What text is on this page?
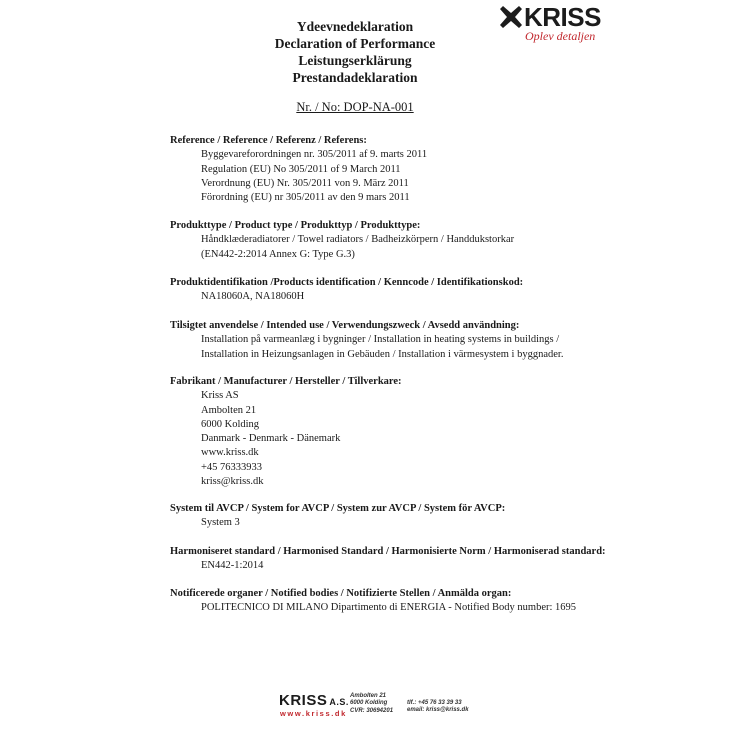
KRISS
Oplev detaljen
Ydeevnedeklaration
Declaration of Performance
Leistungserklärung
Prestandadeklaration
Nr. / No: DOP-NA-001
Reference / Reference / Referenz / Referens:
Byggevareforordningen nr. 305/2011 af 9. marts 2011
Regulation (EU) No 305/2011 of 9 March 2011
Verordnung (EU) Nr. 305/2011 von 9. März 2011
Förordning (EU) nr 305/2011 av den 9 mars 2011
Produkttype / Product type / Produkttyp / Produkttype:
Håndklæderadiatorer / Towel radiators / Badheizkörpern / Handdukstorkar
(EN442-2:2014 Annex G: Type G.3)
Produktidentifikation /Products identification / Kenncode / Identifikationskod:
NA18060A, NA18060H
Tilsigtet anvendelse / Intended use / Verwendungszweck / Avsedd användning:
Installation på varmeanlæg i bygninger / Installation in heating systems in buildings /
Installation in Heizungsanlagen in Gebäuden / Installation i värmesystem i byggnader.
Fabrikant / Manufacturer / Hersteller / Tillverkare:
Kriss AS
Ambolten 21
6000 Kolding
Danmark - Denmark - Dänemark
www.kriss.dk
+45 76333933
kriss@kriss.dk
System til AVCP / System for AVCP / System zur AVCP / System för AVCP:
System 3
Harmoniseret standard / Harmonised Standard / Harmonisierte Norm / Harmoniserad standard:
EN442-1:2014
Notificerede organer / Notified bodies / Notifizierte Stellen / Anmälda organ:
POLITECNICO DI MILANO Dipartimento di ENERGIA - Notified Body number: 1695
KRISS A.S.
www.kriss.dk
Ambolten 21
6000 Kolding
CVR: 30694201
tlf.: +45 76 33 39 33
email: kriss@kriss.dk
